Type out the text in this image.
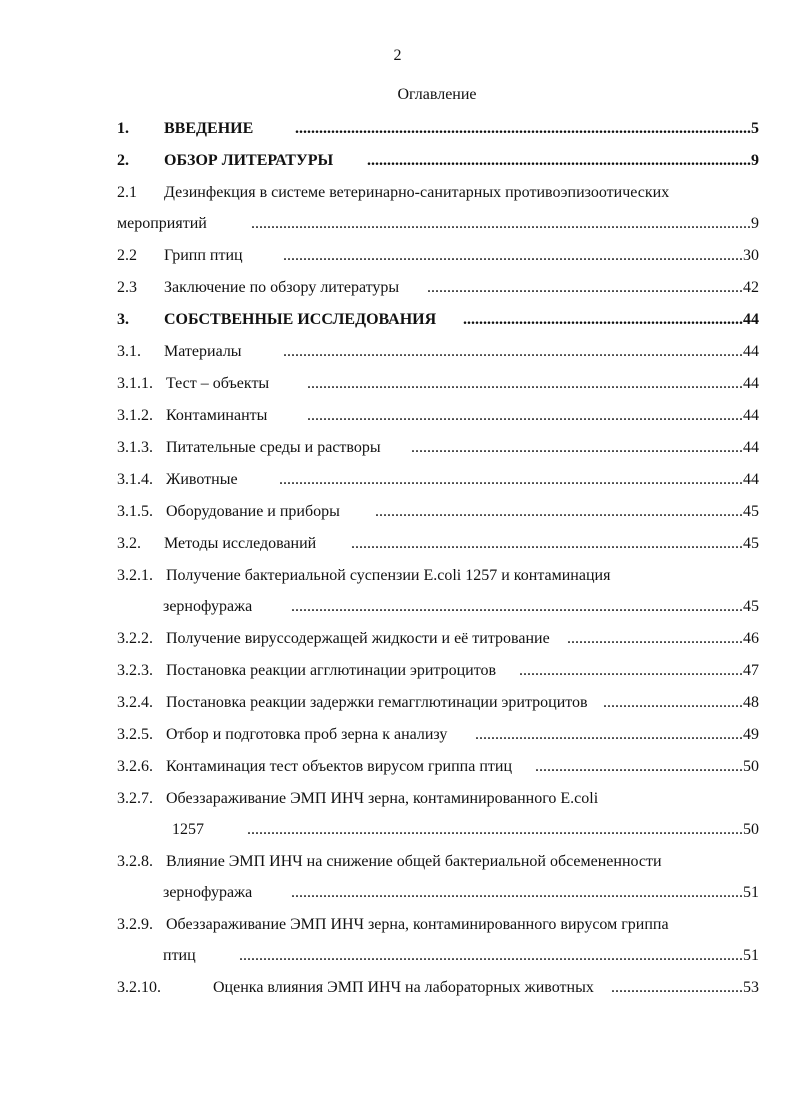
2
Оглавление
1. ВВЕДЕНИЕ	..................................................................................................................5
2. ОБЗОР ЛИТЕРАТУРЫ	................................................................................................9
2.1 Дезинфекция в системе ветеринарно-санитарных противоэпизоотических
мероприятий	.............................................................................................................................9
2.2 Грипп птиц	...................................................................................................................30
2.3 Заключение по обзору литературы	...............................................................................42
3. СОБСТВЕННЫЕ ИССЛЕДОВАНИЯ	......................................................................44
3.1. Материалы	...................................................................................................................44
3.1.1. Тест – объекты	.............................................................................................................44
3.1.2. Контаминанты	.............................................................................................................44
3.1.3. Питательные среды и растворы	...................................................................................44
3.1.4. Животные	....................................................................................................................44
3.1.5. Оборудование и приборы	............................................................................................45
3.2. Методы исследований	..................................................................................................45
3.2.1. Получение бактериальной суспензии E.coli 1257 и контаминация
зернофуража	.................................................................................................................45
3.2.2. Получение вируссодержащей жидкости и её титрование	............................................46
3.2.3. Постановка реакции агглютинации эритроцитов	........................................................47
3.2.4. Постановка реакции задержки гемагглютинации эритроцитов ...................................48
3.2.5. Отбор и подготовка проб зерна к анализу	...................................................................49
3.2.6. Контаминация тест объектов вирусом гриппа птиц	....................................................50
3.2.7. Обеззараживание ЭМП ИНЧ зерна, контаминированного E.coli
1257	............................................................................................................................50
3.2.8. Влияние ЭМП ИНЧ на снижение общей бактериальной обсемененности
зернофуража	.................................................................................................................51
3.2.9. Обеззараживание ЭМП ИНЧ зерна, контаминированного вирусом гриппа
птиц	..............................................................................................................................51
3.2.10.	Оценка влияния ЭМП ИНЧ на лабораторных животных	.................................53
